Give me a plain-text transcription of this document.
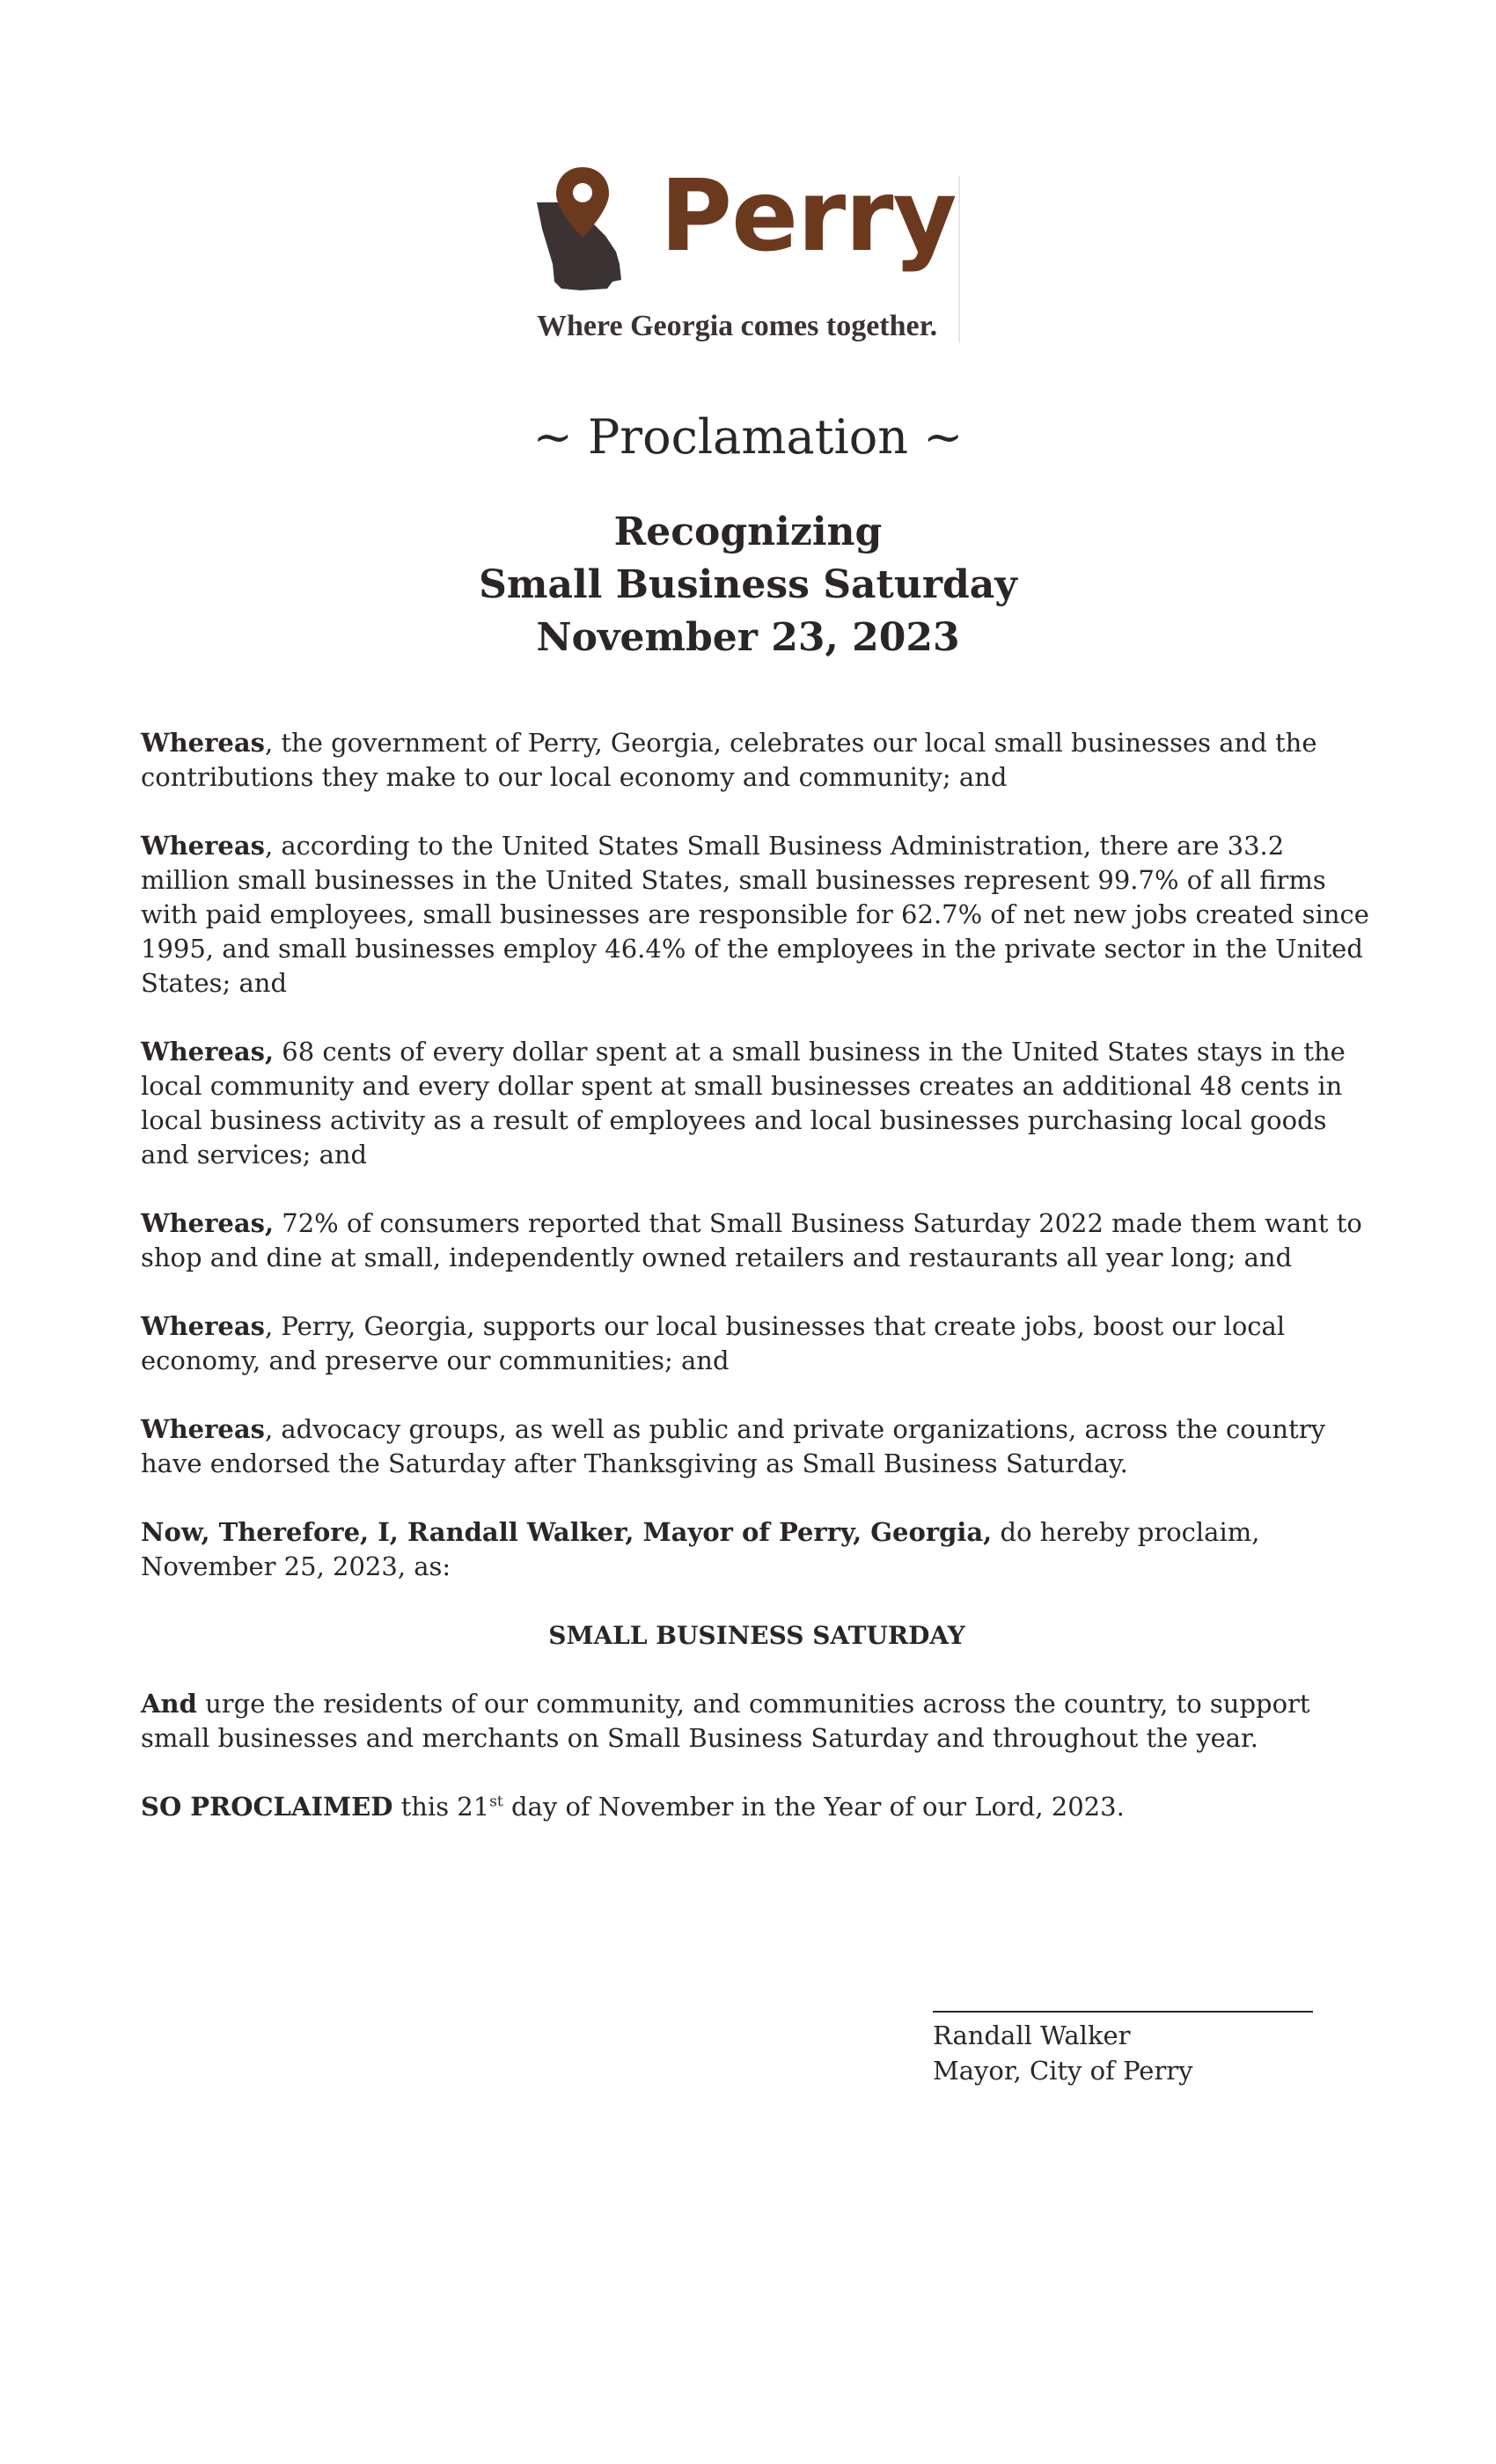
Perry
Where Georgia comes together.
~ Proclamation ~
Recognizing
Small Business Saturday
November 23, 2023

Whereas, the government of Perry, Georgia, celebrates our local small businesses and the contributions they make to our local economy and community; and

Whereas, according to the United States Small Business Administration, there are 33.2 million small businesses in the United States, small businesses represent 99.7% of all firms with paid employees, small businesses are responsible for 62.7% of net new jobs created since 1995, and small businesses employ 46.4% of the employees in the private sector in the United States; and

Whereas, 68 cents of every dollar spent at a small business in the United States stays in the local community and every dollar spent at small businesses creates an additional 48 cents in local business activity as a result of employees and local businesses purchasing local goods and services; and

Whereas, 72% of consumers reported that Small Business Saturday 2022 made them want to shop and dine at small, independently owned retailers and restaurants all year long; and

Whereas, Perry, Georgia, supports our local businesses that create jobs, boost our local economy, and preserve our communities; and

Whereas, advocacy groups, as well as public and private organizations, across the country have endorsed the Saturday after Thanksgiving as Small Business Saturday.

Now, Therefore, I, Randall Walker, Mayor of Perry, Georgia, do hereby proclaim, November 25, 2023, as:

SMALL BUSINESS SATURDAY

And urge the residents of our community, and communities across the country, to support small businesses and merchants on Small Business Saturday and throughout the year.

SO PROCLAIMED this 21st day of November in the Year of our Lord, 2023.

Randall Walker
Mayor, City of Perry
